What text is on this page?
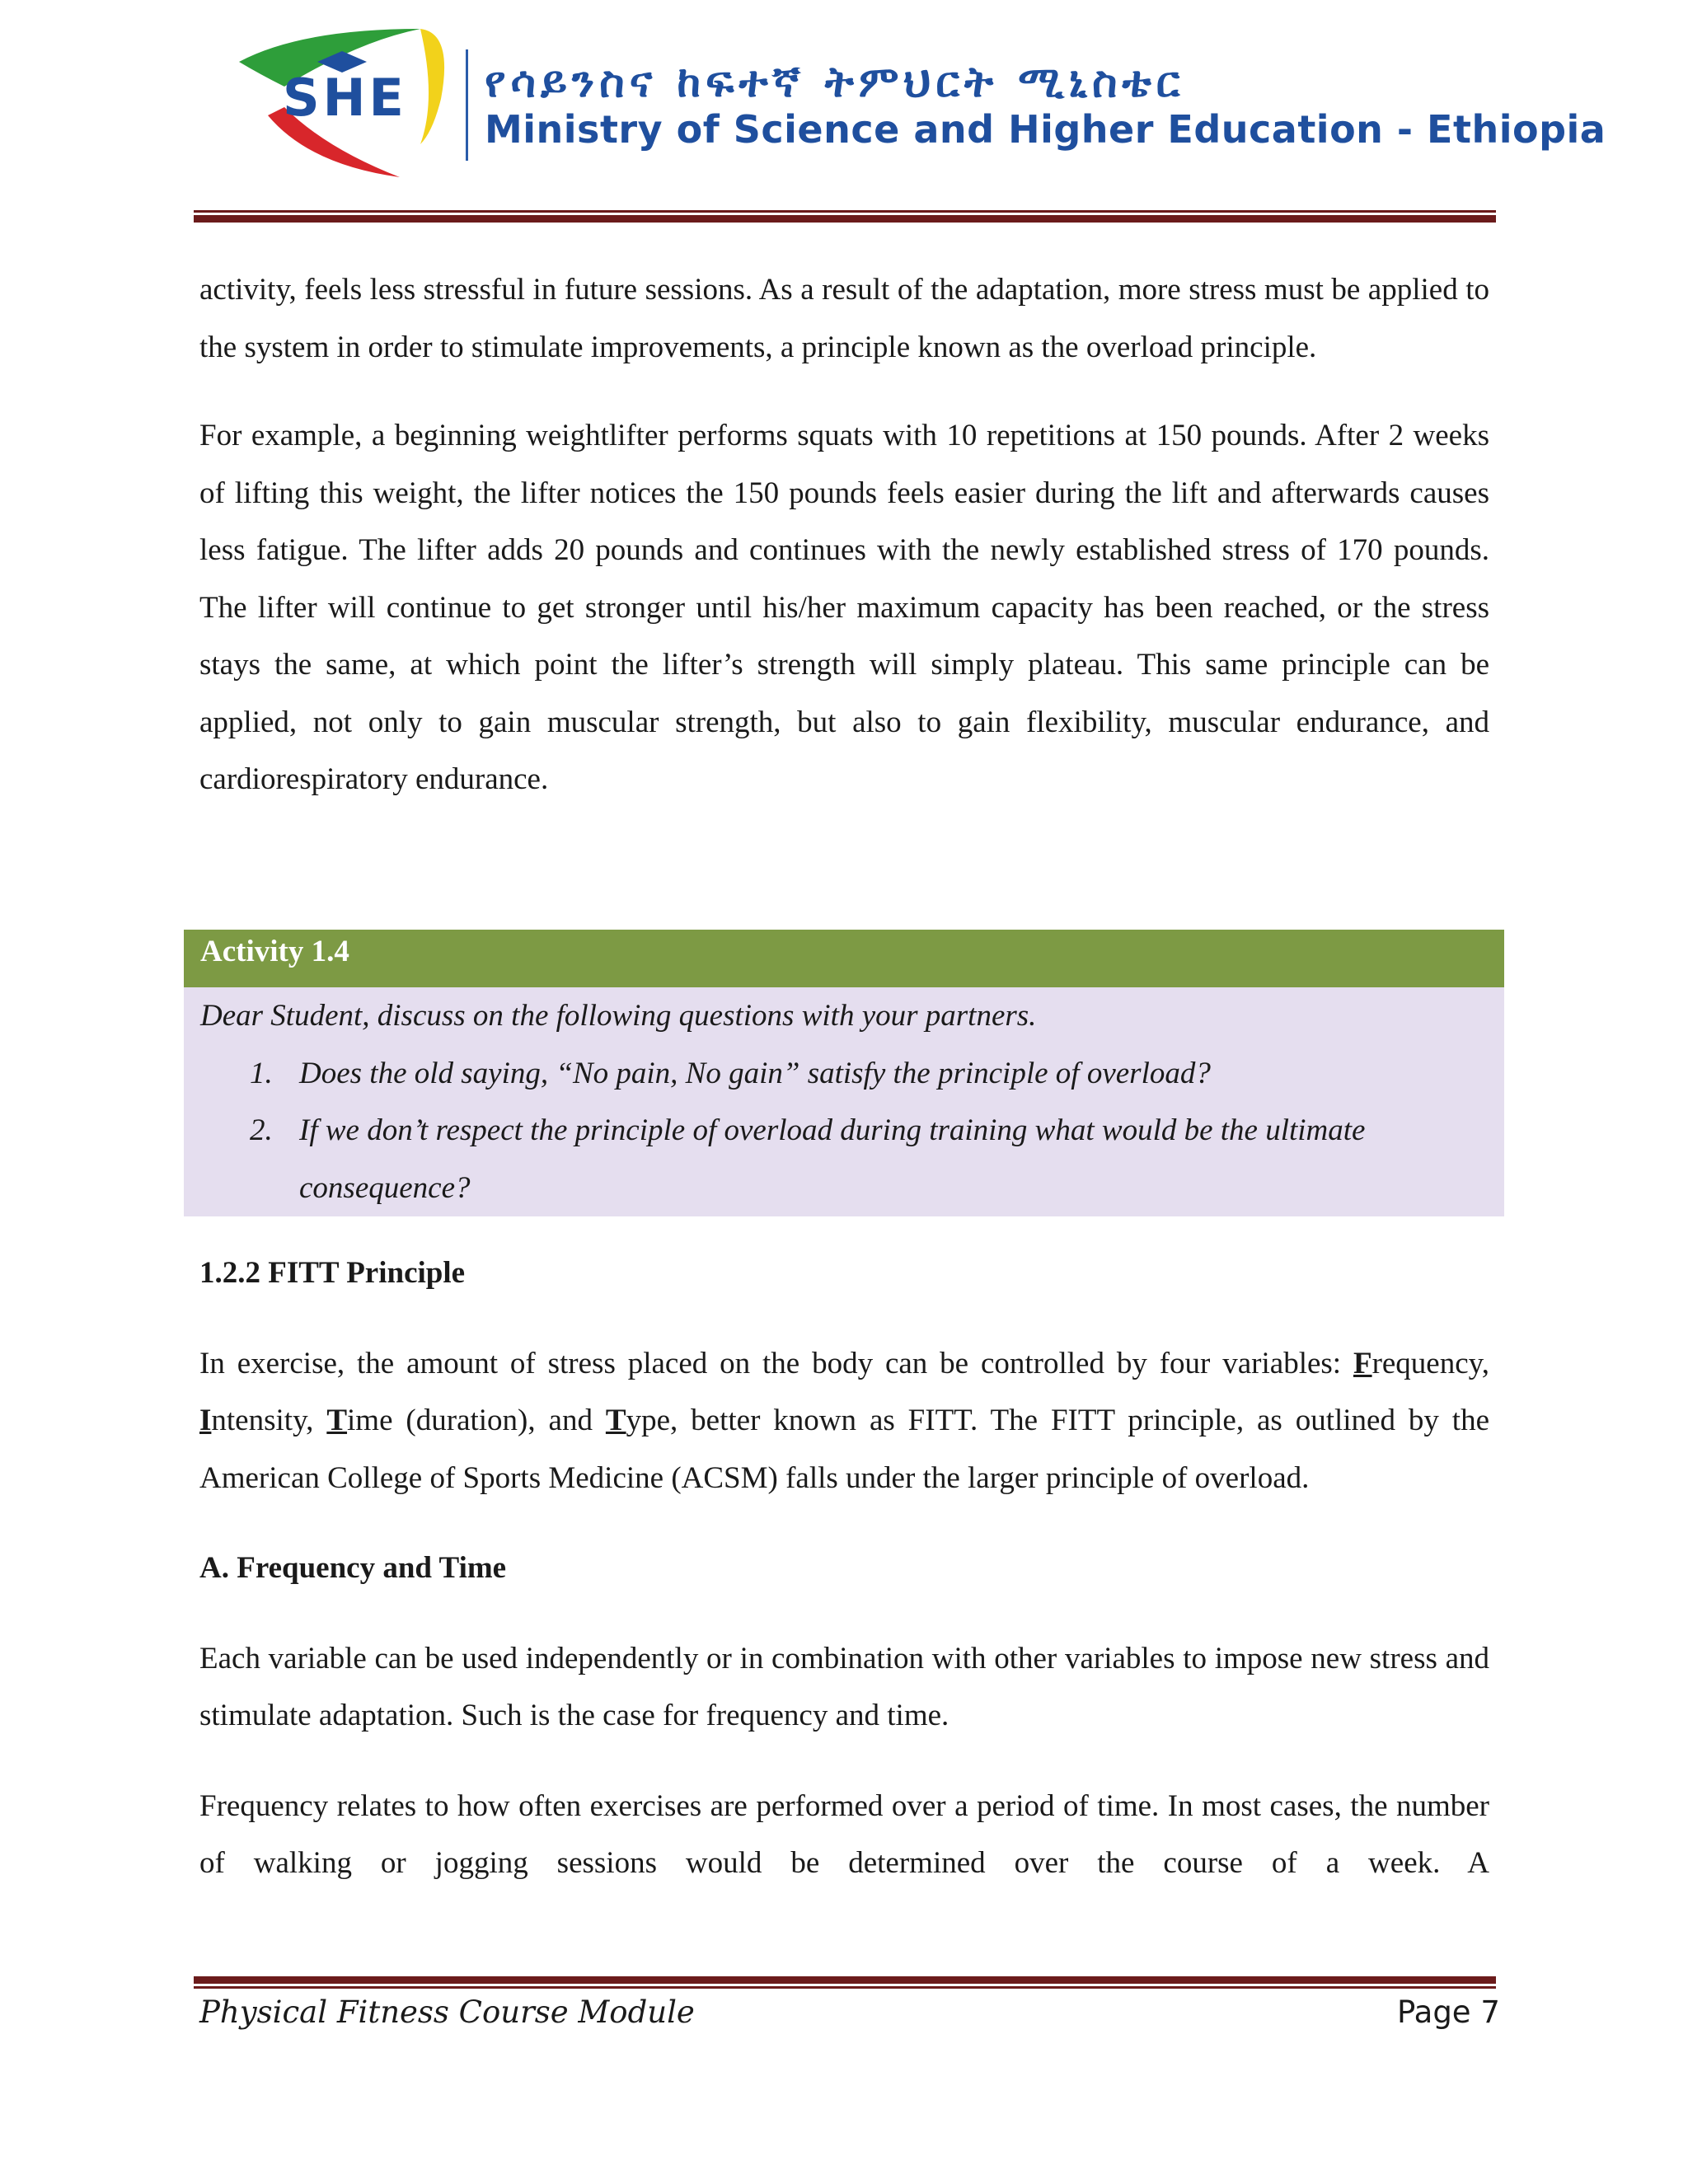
SHE የሳይንስና ከፍተኛ ትምህርት ሚኒስቴር
Ministry of Science and Higher Education - Ethiopia

activity, feels less stressful in future sessions. As a result of the adaptation, more stress must be applied to the system in order to stimulate improvements, a principle known as the overload principle.

For example, a beginning weightlifter performs squats with 10 repetitions at 150 pounds. After 2 weeks of lifting this weight, the lifter notices the 150 pounds feels easier during the lift and afterwards causes less fatigue. The lifter adds 20 pounds and continues with the newly established stress of 170 pounds. The lifter will continue to get stronger until his/her maximum capacity has been reached, or the stress stays the same, at which point the lifter’s strength will simply plateau. This same principle can be applied, not only to gain muscular strength, but also to gain flexibility, muscular endurance, and cardiorespiratory endurance.

Activity 1.4
Dear Student, discuss on the following questions with your partners.
1. Does the old saying, “No pain, No gain” satisfy the principle of overload?
2. If we don’t respect the principle of overload during training what would be the ultimate consequence?
1.2.2 FITT Principle

In exercise, the amount of stress placed on the body can be controlled by four variables: Frequency, Intensity, Time (duration), and Type, better known as FITT. The FITT principle, as outlined by the American College of Sports Medicine (ACSM) falls under the larger principle of overload.

A. Frequency and Time

Each variable can be used independently or in combination with other variables to impose new stress and stimulate adaptation. Such is the case for frequency and time.

Frequency relates to how often exercises are performed over a period of time. In most cases, the number of walking or jogging sessions would be determined over the course of a week. A

Physical Fitness Course Module	Page 7
